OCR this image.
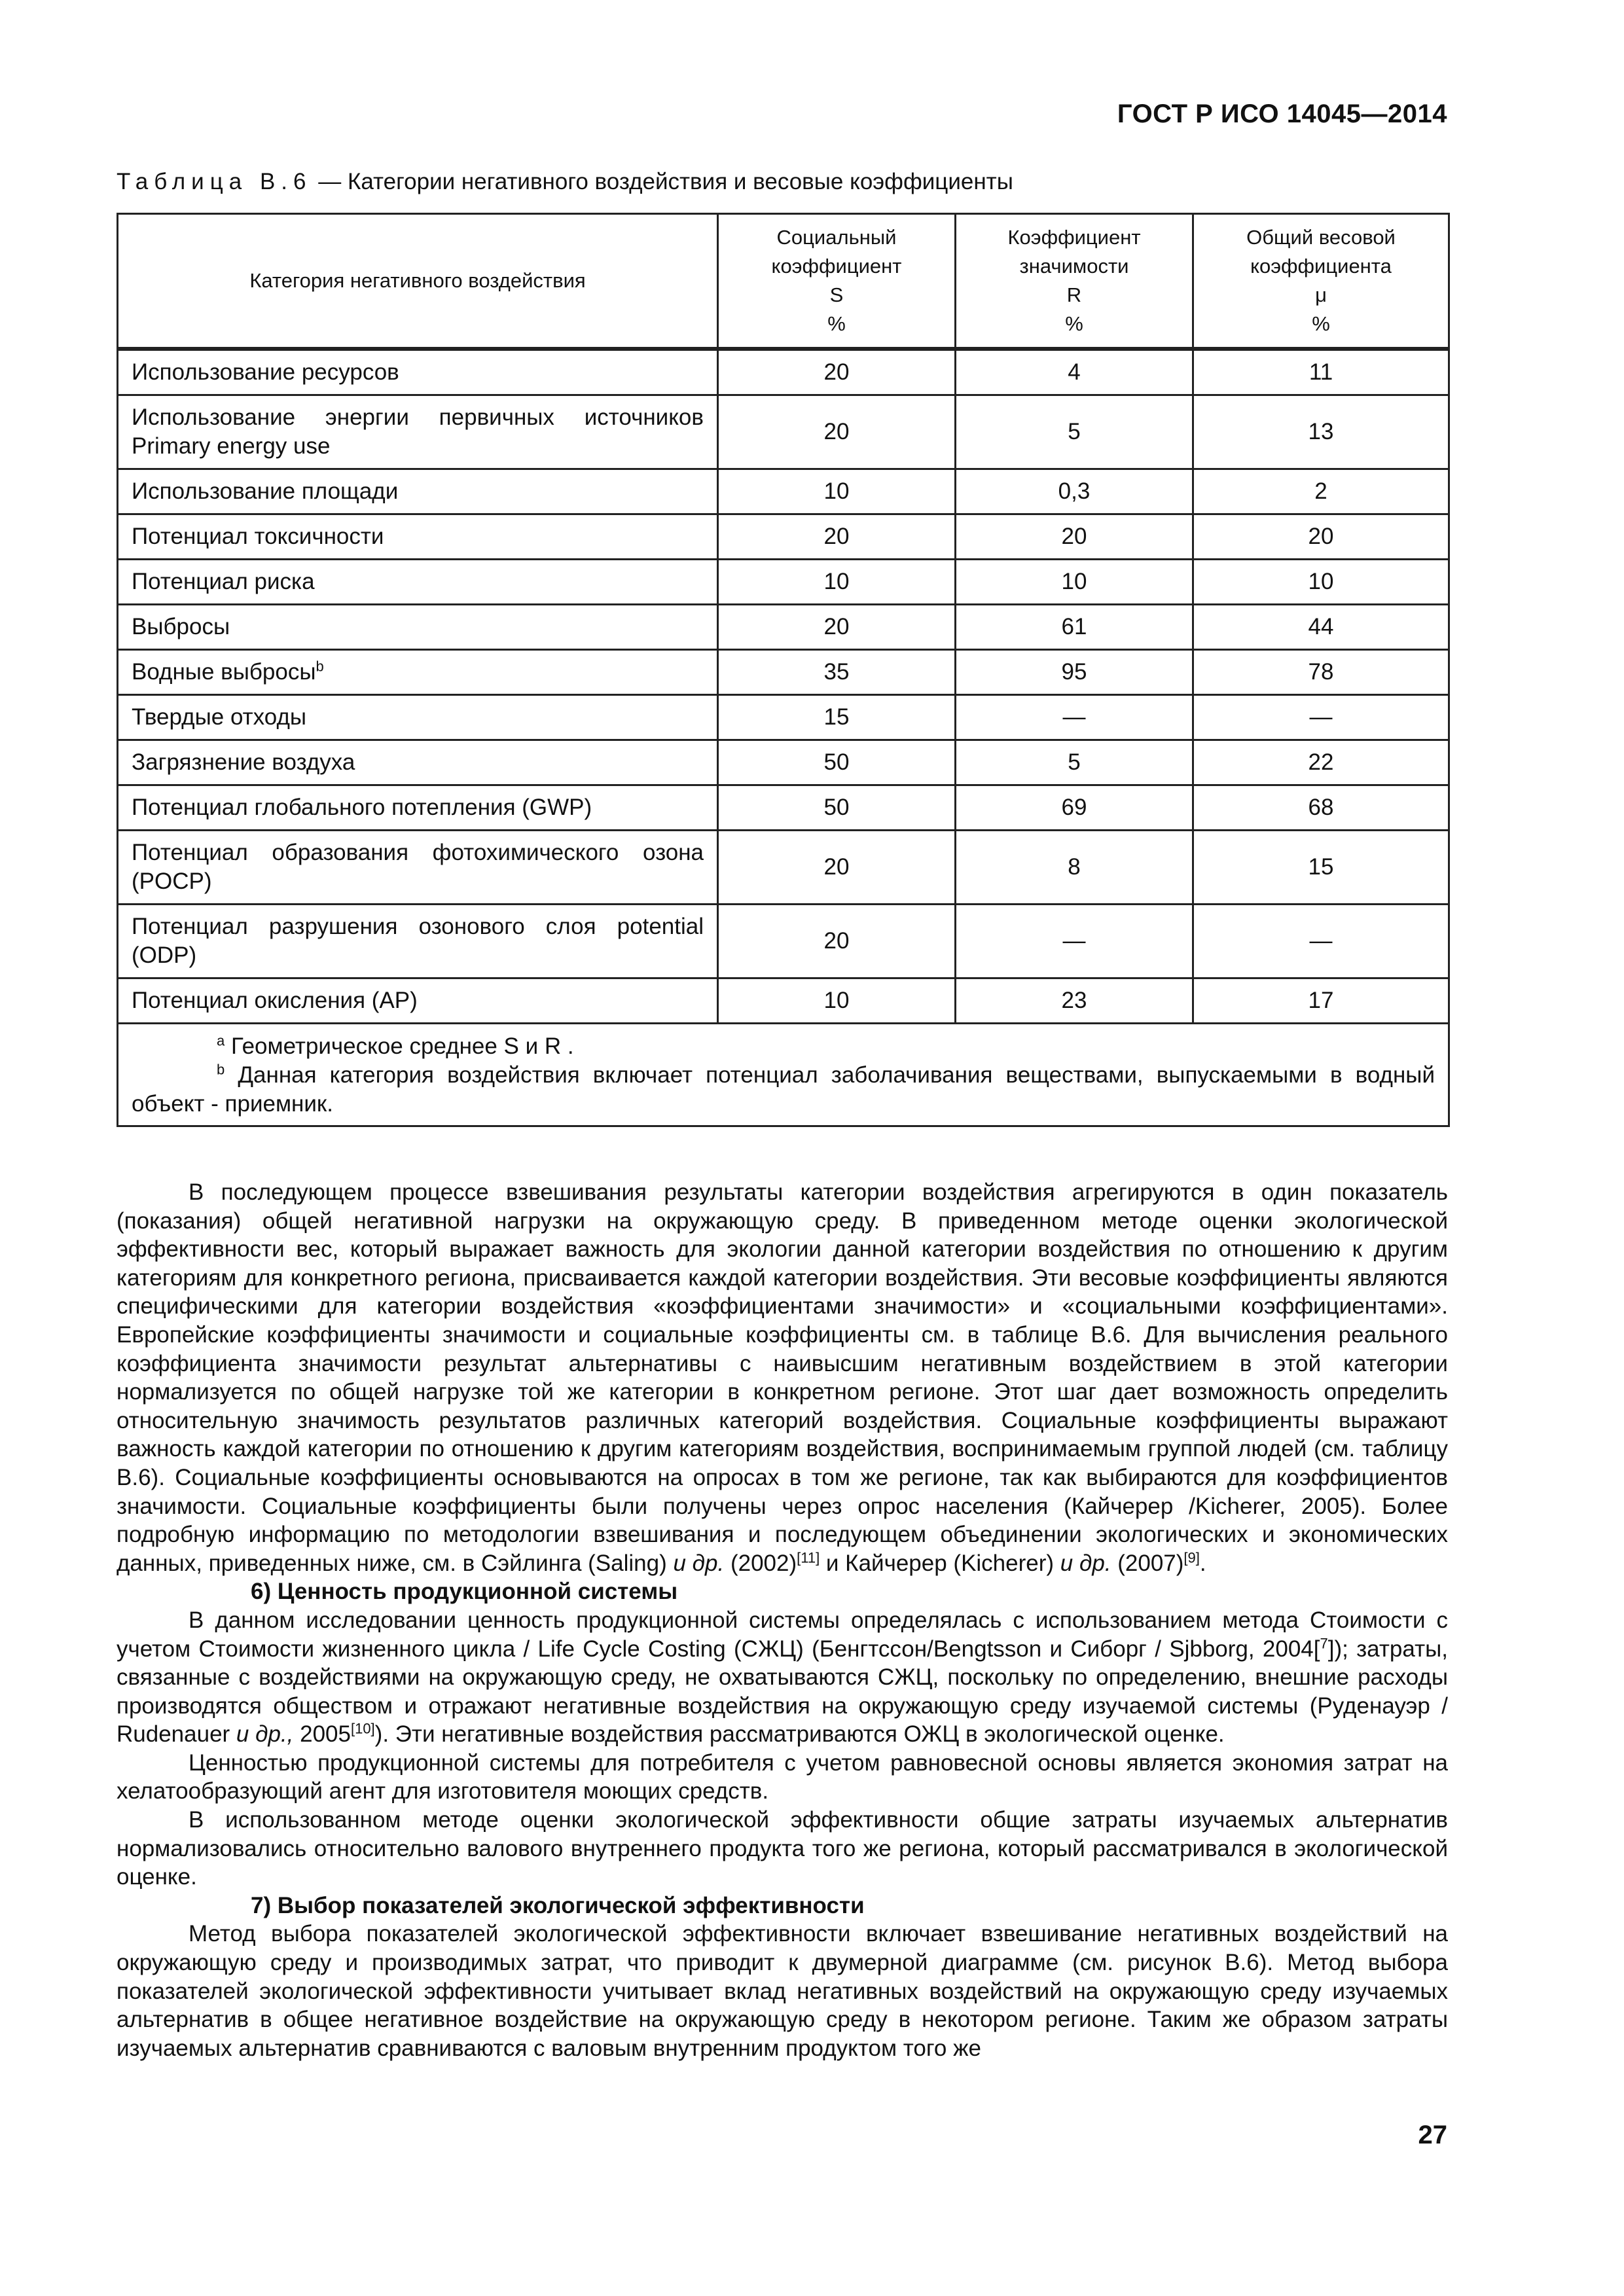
ГОСТ Р ИСО 14045—2014
Таблица В.6 — Категории негативного воздействия и весовые коэффициенты
Категория негативного воздействия	Социальный
коэффициент
S
%	Коэффициент
значимости
R
%	Общий весовой
коэффициента
μ
%

Использование ресурсов	20	4	11
Использование энергии первичных источников Primary energy use	20	5	13
Использование площади	10	0,3	2
Потенциал токсичности	20	20	20
Потенциал риска	10	10	10
Выбросы	20	61	44
Водные выбросы$^b$	35	95	78
Твердые отходы	15	—	—
Загрязнение воздуха	50	5	22
Потенциал глобального потепления (GWP)	50	69	68
Потенциал образования фотохимического озона (POCP)	20	8	15
Потенциал разрушения озонового слоя potential (ODP)	20	—	—
Потенциал окисления (AP)	10	23	17

$^a$ Геометрическое среднее S и R .
$^b$ Данная категория воздействия включает потенциал заболачивания веществами, выпускаемыми в водный объект - приемник.			

В последующем процессе взвешивания результаты категории воздействия агрегируются в один показатель (показания) общей негативной нагрузки на окружающую среду. В приведенном методе оценки экологической эффективности вес, который выражает важность для экологии данной категории воздействия по отношению к другим категориям для конкретного региона, присваивается каждой категории воздействия. Эти весовые коэффициенты являются специфическими для категории воздействия «коэффициентами значимости» и «социальными коэффициентами». Европейские коэффициенты значимости и социальные коэффициенты см. в таблице В.6. Для вычисления реального коэффициента значимости результат альтернативы с наивысшим негативным воздействием в этой категории нормализуется по общей нагрузке той же категории в конкретном регионе. Этот шаг дает возможность определить относительную значимость результатов различных категорий воздействия. Социальные коэффициенты выражают важность каждой категории по отношению к другим категориям воздействия, воспринимаемым группой людей (см. таблицу В.6). Социальные коэффициенты основываются на опросах в том же регионе, так как выбираются для коэффициентов значимости. Социальные коэффициенты были получены через опрос населения (Кайчерер /Kicherer, 2005). Более подробную информацию по методологии взвешивания и последующем объединении экологических и экономических данных, приведенных ниже, см. в Сэйлинга (Saling) и др. (2002)[11] и Кайчерер (Kicherer) и др. (2007)[9].

6) Ценность продукционной системы

В данном исследовании ценность продукционной системы определялась с использованием метода Стоимости с учетом Стоимости жизненного цикла / Life Cycle Costing (СЖЦ) (Бенгтссон/Bengtsson и Сиборг / Sjbborg, 2004[$^7$]); затраты, связанные с воздействиями на окружающую среду, не охватываются СЖЦ, поскольку по определению, внешние расходы производятся обществом и отражают негативные воздействия на окружающую среду изучаемой системы (Руденауэр / Rudenauer и др., 2005[10]). Эти негативные воздействия рассматриваются ОЖЦ в экологической оценке.

Ценностью продукционной системы для потребителя с учетом равновесной основы является экономия затрат на хелатообразующий агент для изготовителя моющих средств.

В использованном методе оценки экологической эффективности общие затраты изучаемых альтернатив нормализовались относительно валового внутреннего продукта того же региона, который рассматривался в экологической оценке.

7) Выбор показателей экологической эффективности

Метод выбора показателей экологической эффективности включает взвешивание негативных воздействий на окружающую среду и производимых затрат, что приводит к двумерной диаграмме (см. рисунок В.6). Метод выбора показателей экологической эффективности учитывает вклад негативных воздействий на окружающую среду изучаемых альтернатив в общее негативное воздействие на окружающую среду в некотором регионе. Таким же образом затраты изучаемых альтернатив сравниваются с валовым внутренним продуктом того же

27
